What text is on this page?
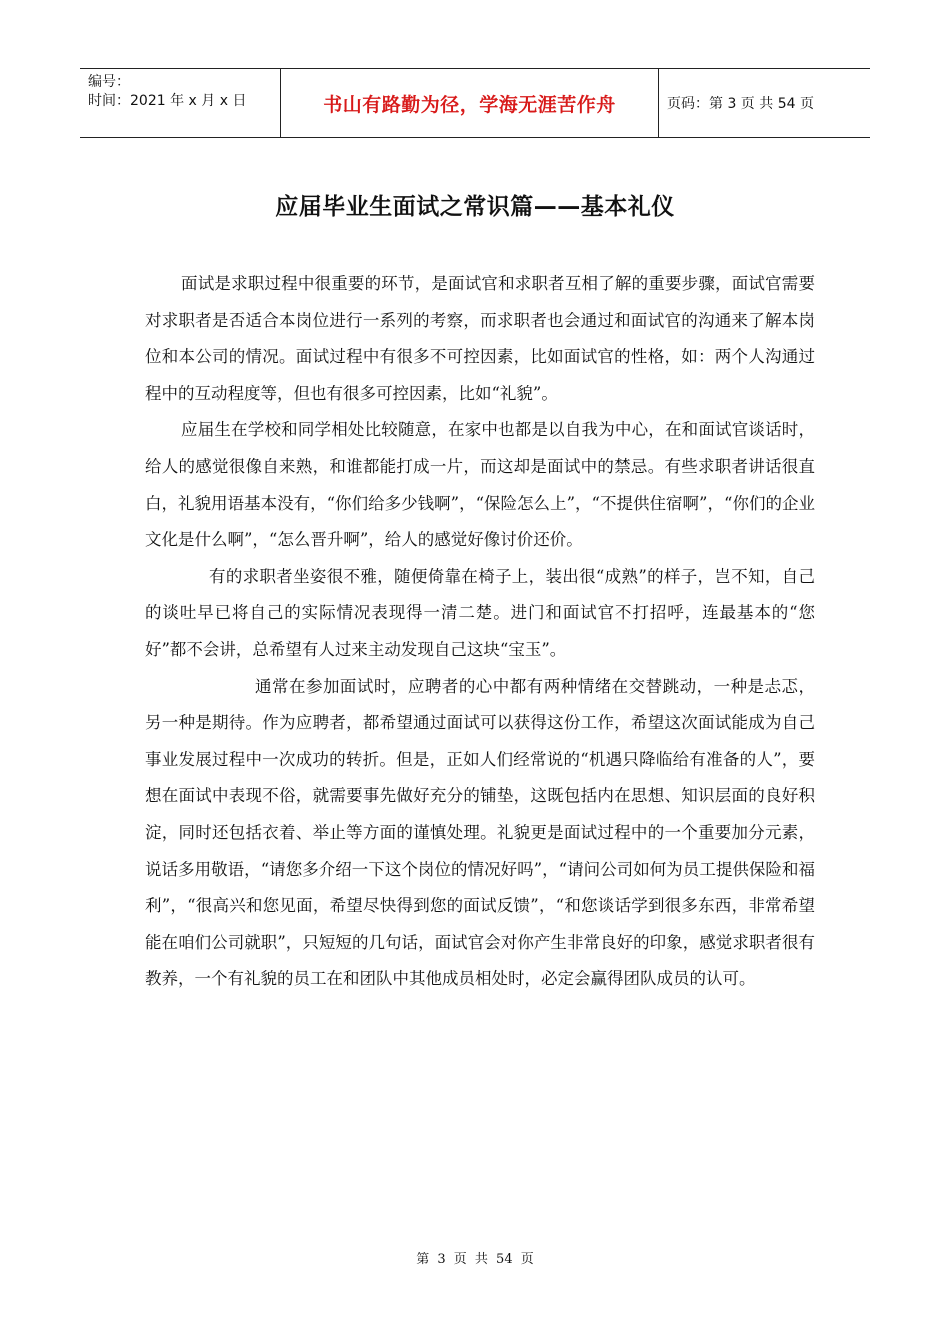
编号：
时间：2021 年 x 月 x 日	书山有路勤为径，学海无涯苦作舟	页码：第 3 页 共 54 页
应届毕业生面试之常识篇——基本礼仪

面试是求职过程中很重要的环节，是面试官和求职者互相了解的重要步骤，面试官需要对求职者是否适合本岗位进行一系列的考察，而求职者也会通过和面试官的沟通来了解本岗位和本公司的情况。面试过程中有很多不可控因素，比如面试官的性格，如：两个人沟通过程中的互动程度等，但也有很多可控因素，比如“礼貌”。

应届生在学校和同学相处比较随意，在家中也都是以自我为中心，在和面试官谈话时，给人的感觉很像自来熟，和谁都能打成一片，而这却是面试中的禁忌。有些求职者讲话很直白，礼貌用语基本没有，“你们给多少钱啊”，“保险怎么上”，“不提供住宿啊”，“你们的企业文化是什么啊”，“怎么晋升啊”，给人的感觉好像讨价还价。

有的求职者坐姿很不雅，随便倚靠在椅子上，装出很“成熟”的样子，岂不知，自己的谈吐早已将自己的实际情况表现得一清二楚。进门和面试官不打招呼，连最基本的“您好”都不会讲，总希望有人过来主动发现自己这块“宝玉”。

通常在参加面试时，应聘者的心中都有两种情绪在交替跳动，一种是忐忑，另一种是期待。作为应聘者，都希望通过面试可以获得这份工作，希望这次面试能成为自己事业发展过程中一次成功的转折。但是，正如人们经常说的“机遇只降临给有准备的人”，要想在面试中表现不俗，就需要事先做好充分的铺垫，这既包括内在思想、知识层面的良好积淀，同时还包括衣着、举止等方面的谨慎处理。礼貌更是面试过程中的一个重要加分元素，说话多用敬语，“请您多介绍一下这个岗位的情况好吗”，“请问公司如何为员工提供保险和福利”，“很高兴和您见面，希望尽快得到您的面试反馈”，“和您谈话学到很多东西，非常希望能在咱们公司就职”，只短短的几句话，面试官会对你产生非常良好的印象，感觉求职者很有教养，一个有礼貌的员工在和团队中其他成员相处时，必定会赢得团队成员的认可。

第 3 页 共 54 页
